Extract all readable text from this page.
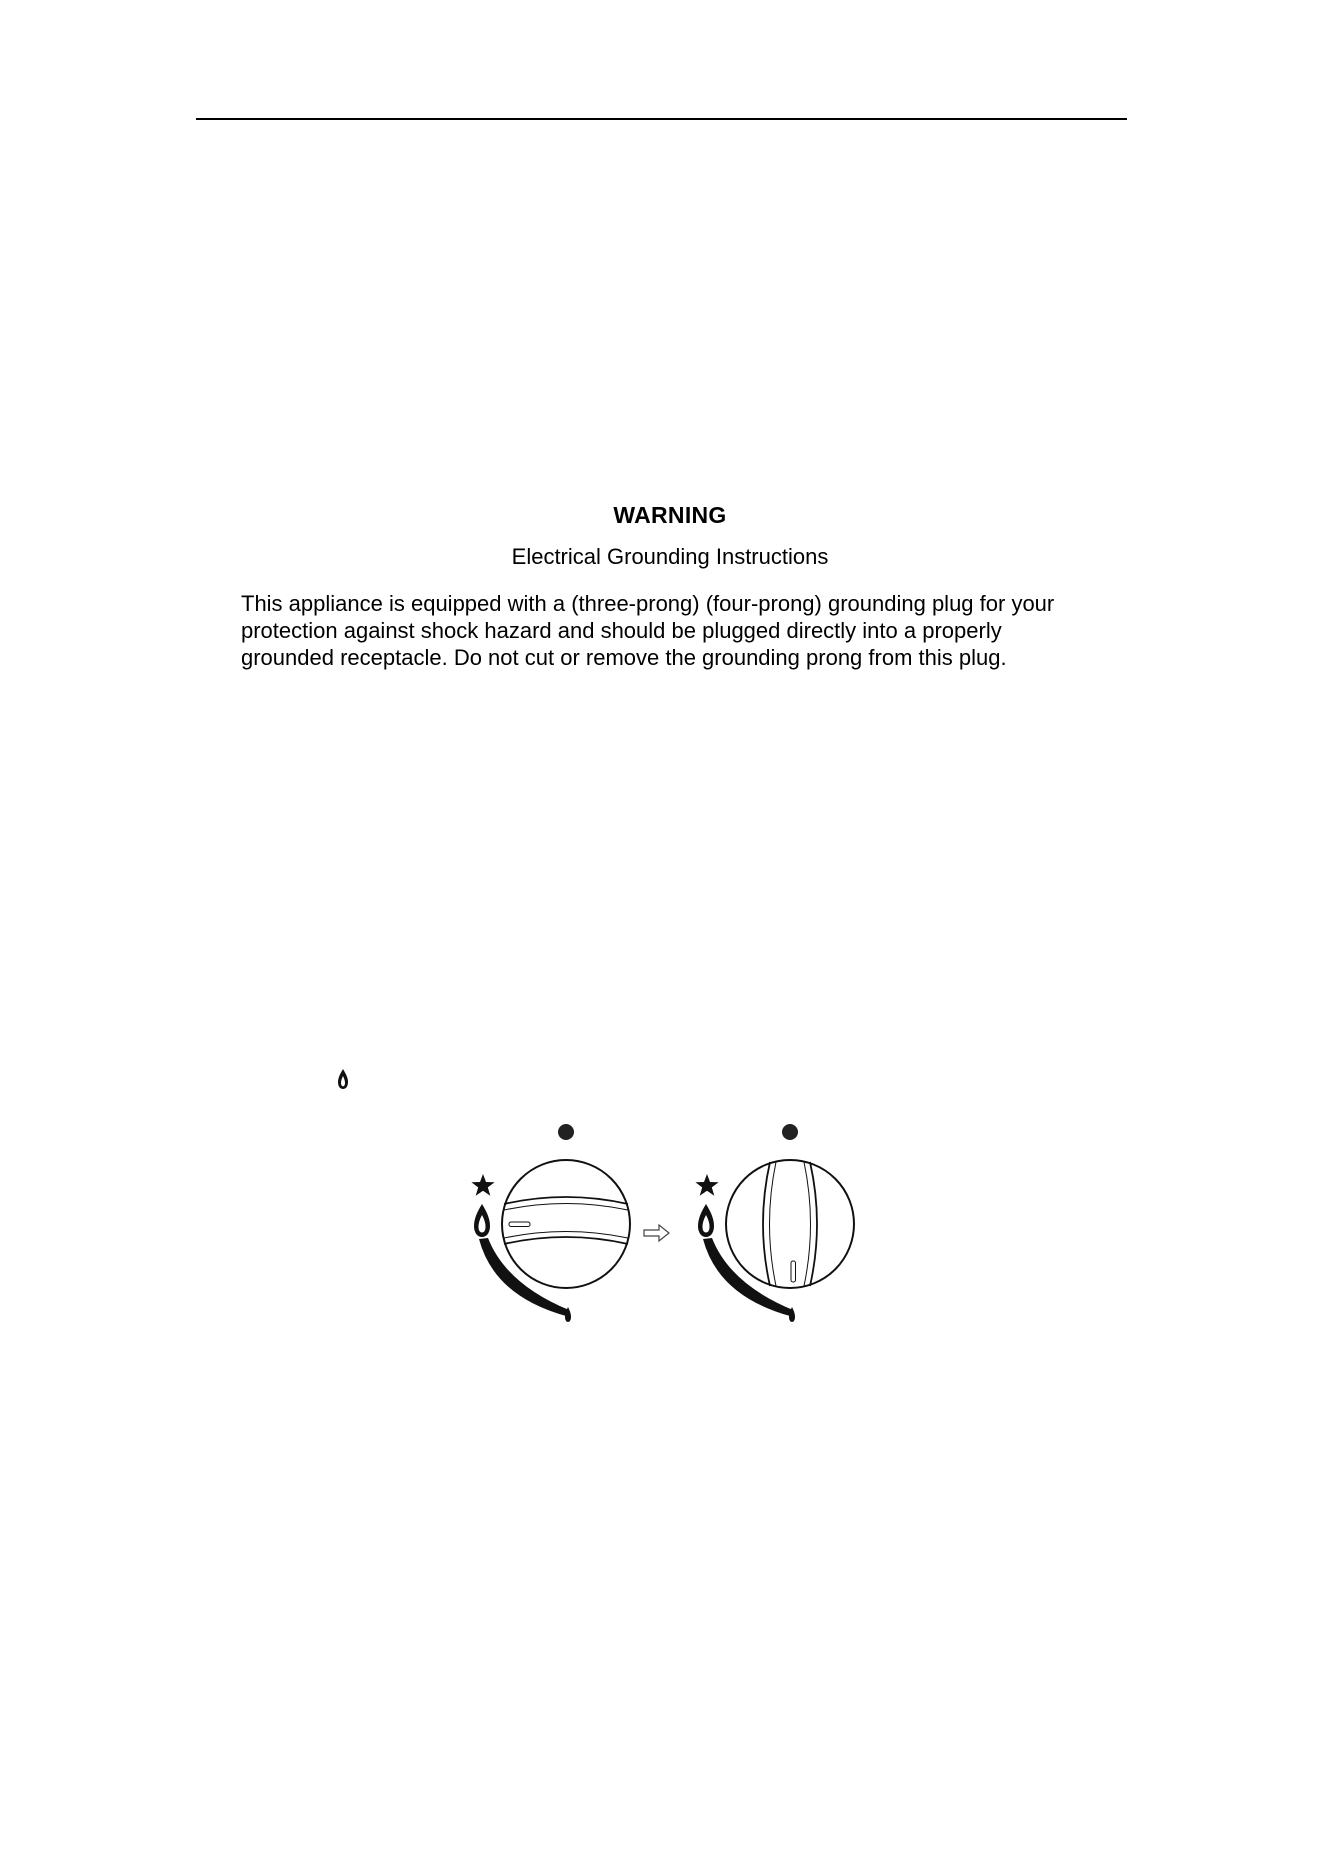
WARNING
Electrical Grounding Instructions
This appliance is equipped with a (three-prong) (four-prong) grounding plug for your protection against shock hazard and should be plugged directly into a properly grounded receptacle. Do not cut or remove the grounding prong from this plug.
